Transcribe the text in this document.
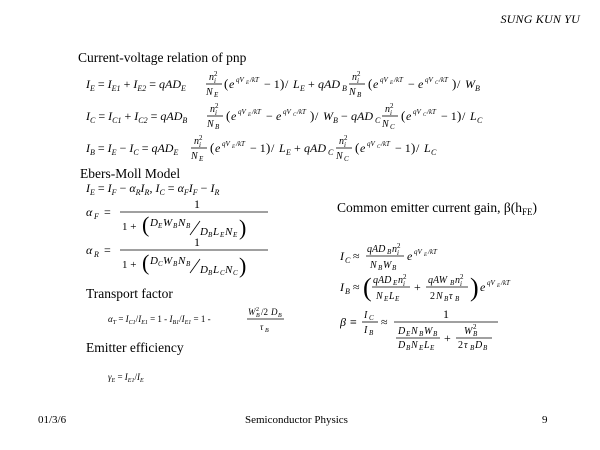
SUNG KUN YU
Current-voltage relation of pnp
$I_E = I_{E1} + I_{E2} = qAD_E$
n 2
i
N E
( e qV E /kT − 1 ) / L E + qAD B
n 2
i
N B
( e qV E /kT − e qV C /kT ) / W B
$I_C = I_{C1} + I_{C2} = qAD_B$
n 2
i
N B
( e qV E /kT − e qV C /kT ) / W B − qAD C
n 2
i
N C
( e qV C /kT − 1 ) / L C
$I_B = I_E - I_C = qAD_E$
n 2
i
N E
( e qV E /kT − 1 ) / L E + qAD C
n 2
i
N C
( e qV C /kT − 1 ) / L C
Ebers-Moll Model
$I_E = I_F - \alpha_RI_R$, $I_C = \alpha_FI_F - I_R$
α F =
1
1 + ( D E W B N B D B L E N E )
α R =
1
1 + ( D C W B N B D B L C N C )
Common emitter current gain, $\beta(h_{FE})$
I C ≈ qAD B n 2
i
N B W B
e qV E /kT
I B ≈ ( qAD E n 2
i
N E L E
+ qAW B n 2
i
2 N B τ B ) e qV E /kT
β ≡ I C
I B
≈
1
D E N B W B
D B N E L E
+ W B
2
2 τ B D B
Transport factor
$\alpha_T = I_{C1}/I_{E1} = 1 - I_{B1}/I_{E1} = 1$ -
W B
2 /2 D B
τ B
Emitter efficiency
$\gamma_E = I_{E1}/I_E$
01/3/6	Semiconductor Physics	9
